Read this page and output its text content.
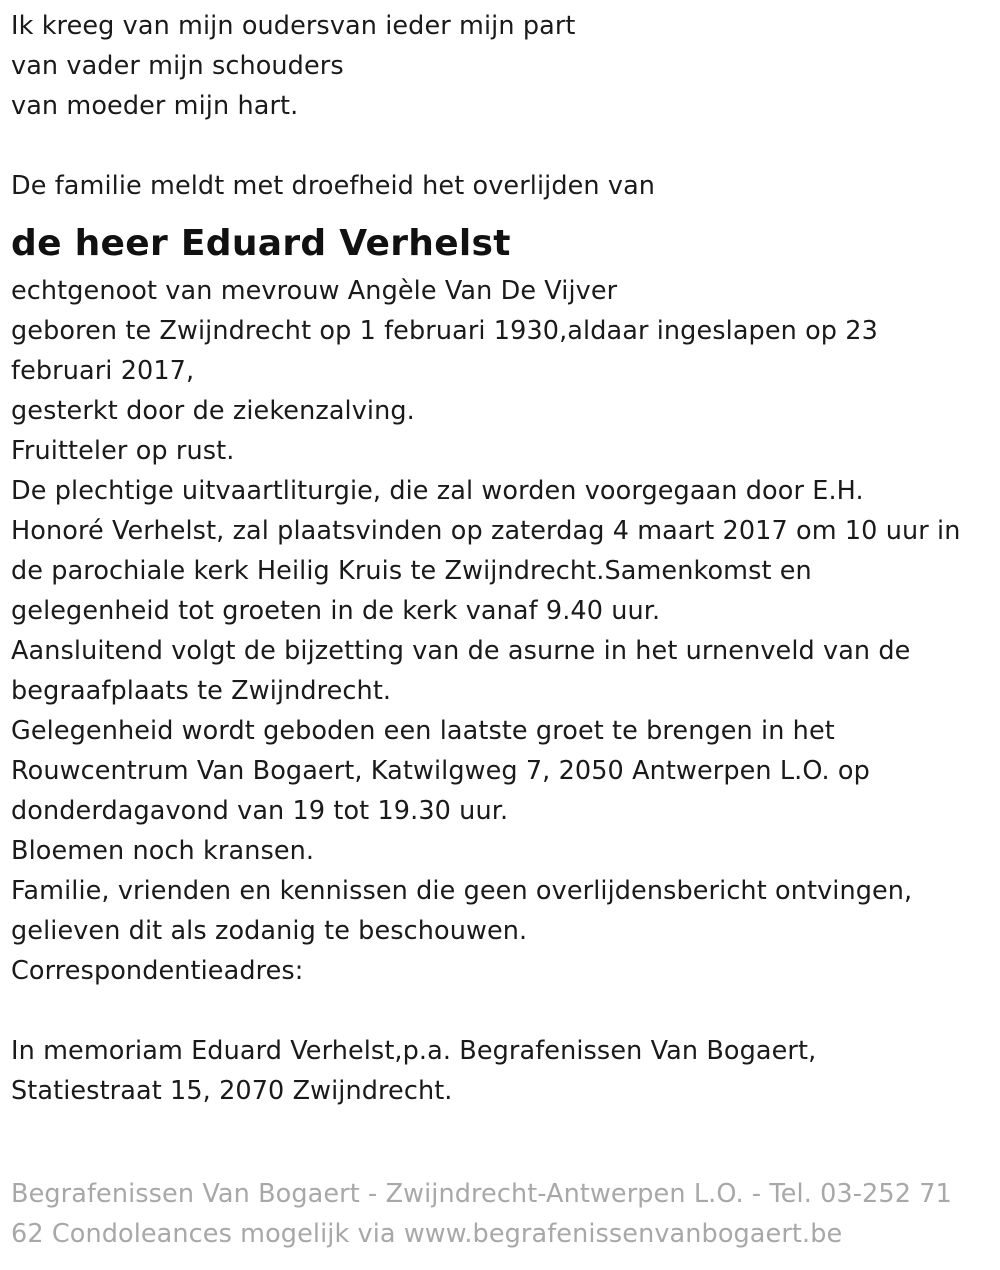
Ik kreeg van mijn oudersvan ieder mijn part
van vader mijn schouders
van moeder mijn hart.
De familie meldt met droefheid het overlijden van
de heer Eduard Verhelst
echtgenoot van mevrouw Angèle Van De Vijver
geboren te Zwijndrecht op 1 februari 1930,aldaar ingeslapen op 23
februari 2017,
gesterkt door de ziekenzalving.
Fruitteler op rust.
De plechtige uitvaartliturgie, die zal worden voorgegaan door E.H.
Honoré Verhelst, zal plaatsvinden op zaterdag 4 maart 2017 om 10 uur in
de parochiale kerk Heilig Kruis te Zwijndrecht.Samenkomst en
gelegenheid tot groeten in de kerk vanaf 9.40 uur.
Aansluitend volgt de bijzetting van de asurne in het urnenveld van de
begraafplaats te Zwijndrecht.
Gelegenheid wordt geboden een laatste groet te brengen in het
Rouwcentrum Van Bogaert, Katwilgweg 7, 2050 Antwerpen L.O. op
donderdagavond van 19 tot 19.30 uur.
Bloemen noch kransen.
Familie, vrienden en kennissen die geen overlijdensbericht ontvingen,
gelieven dit als zodanig te beschouwen.
Correspondentieadres:
In memoriam Eduard Verhelst,p.a. Begrafenissen Van Bogaert,
Statiestraat 15, 2070 Zwijndrecht.
Begrafenissen Van Bogaert - Zwijndrecht-Antwerpen L.O. - Tel. 03-252 71
62 Condoleances mogelijk via www.begrafenissenvanbogaert.be
